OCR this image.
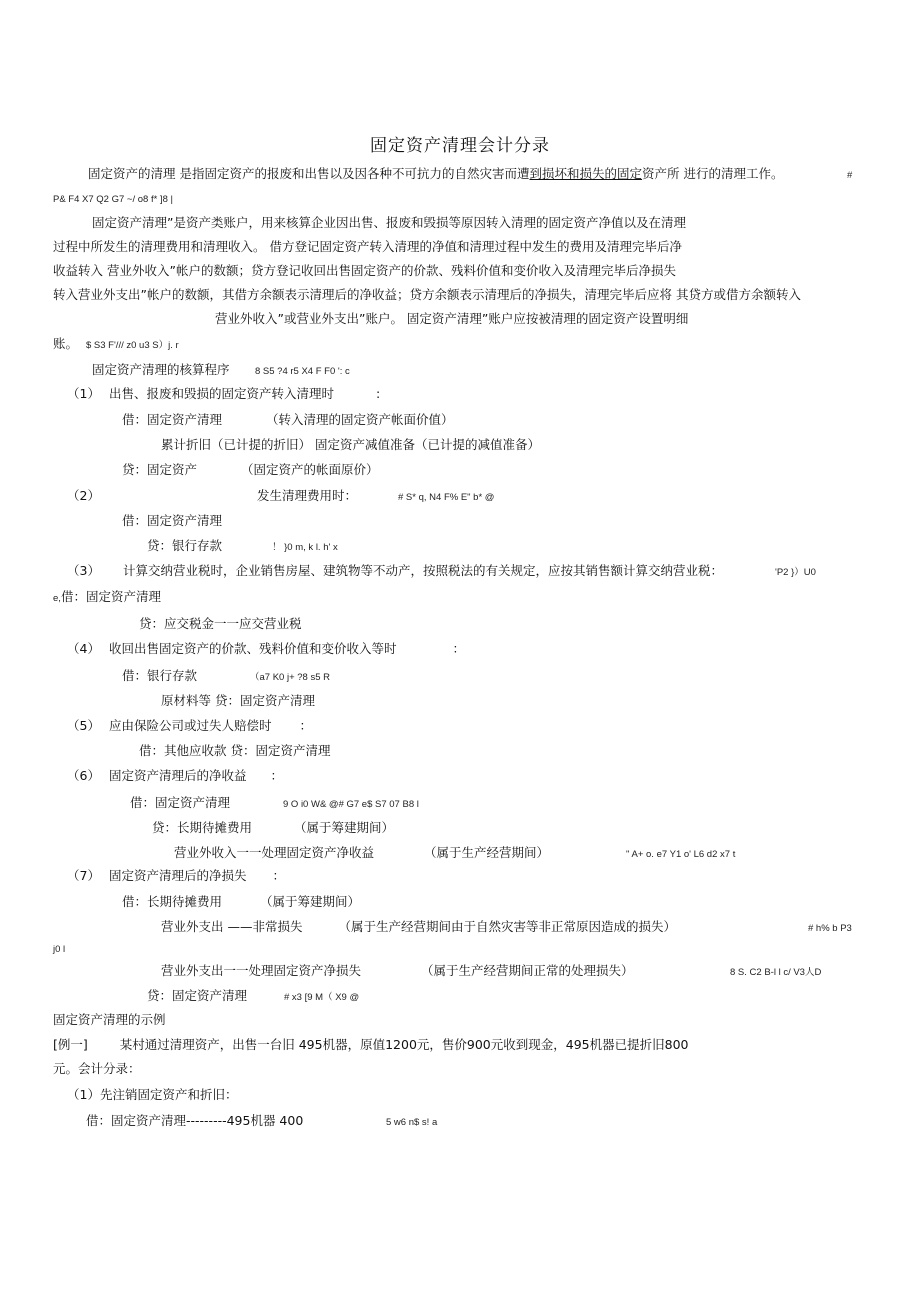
固定资产清理会计分录
固定资产的清理 是指固定资产的报废和出售以及因各种不可抗力的自然灾害而遭到损坏和损失的固定资产所 进行的清理工作。	#
P& F4 X7 Q2 G7 ~/ o8 f* ]8 |
固定资产清理”是资产类账户，用来核算企业因出售、报废和毁损等原因转入清理的固定资产净值以及在清理
过程中所发生的清理费用和清理收入。 借方登记固定资产转入清理的净值和清理过程中发生的费用及清理完毕后净
收益转入 营业外收入”帐户的数额；贷方登记收回出售固定资产的价款、残料价值和变价收入及清理完毕后净损失
转入营业外支出”帐户的数额，其借方余额表示清理后的净收益；贷方余额表示清理后的净损失，清理完毕后应将 其贷方或借方余额转入
营业外收入”或营业外支出”账户。 固定资产清理”账户应按被清理的固定资产设置明细
账。 $ S3 F'/// z0 u3 S）j. r
固定资产清理的核算程序	8 S5 ?4 r5 X4 F F0 ': c
（1） 出售、报废和毁损的固定资产转入清理时	:
借：固定资产清理	（转入清理的固定资产帐面价值）
累计折旧（已计提的折旧） 固定资产减值准备（已计提的减值准备）
贷：固定资产	（固定资产的帐面原价）
（2）	发生清理费用时：	# S* q, N4 F% E" b* @
借：固定资产清理
贷：银行存款	！ }0 m, k l. h' x
（3） 计算交纳营业税时，企业销售房屋、建筑物等不动产，按照税法的有关规定，应按其销售额计算交纳营业税：	'P2 }）U0
e,借：固定资产清理
贷：应交税金一一应交营业税
（4） 收回出售固定资产的价款、残料价值和变价收入等时	：
借：银行存款	（a7 K0 j+ ?8 s5 R
原材料等 贷：固定资产清理
（5） 应由保险公司或过失人赔偿时 ：
借：其他应收款 贷：固定资产清理
（6） 固定资产清理后的净收益 ：
借：固定资产清理	9 O i0 W& @# G7 e$ S7 07 B8 l
贷：长期待摊费用	（属于筹建期间）
营业外收入一一处理固定资产净收益	（属于生产经营期间）	" A+ o. e7 Y1 o' L6 d2 x7 t
（7） 固定资产清理后的净损失 ：
借：长期待摊费用	（属于筹建期间）
营业外支出 ——非常损失	（属于生产经营期间由于自然灾害等非正常原因造成的损失）	# h% b P3
j0 l
营业外支出一一处理固定资产净损失	（属于生产经营期间正常的处理损失）	8 S. C2 B-l l c/ V3人D
贷：固定资产清理	# x3 [9 M（ X9 @
固定资产清理的示例
[例一]	某村通过清理资产，出售一台旧 495机器，原值1200元，售价900元收到现金，495机器已提折旧800
元。会计分录：
（1）先注销固定资产和折旧：
借：固定资产清理---------495机器 400	5 w6 n$ s! a
